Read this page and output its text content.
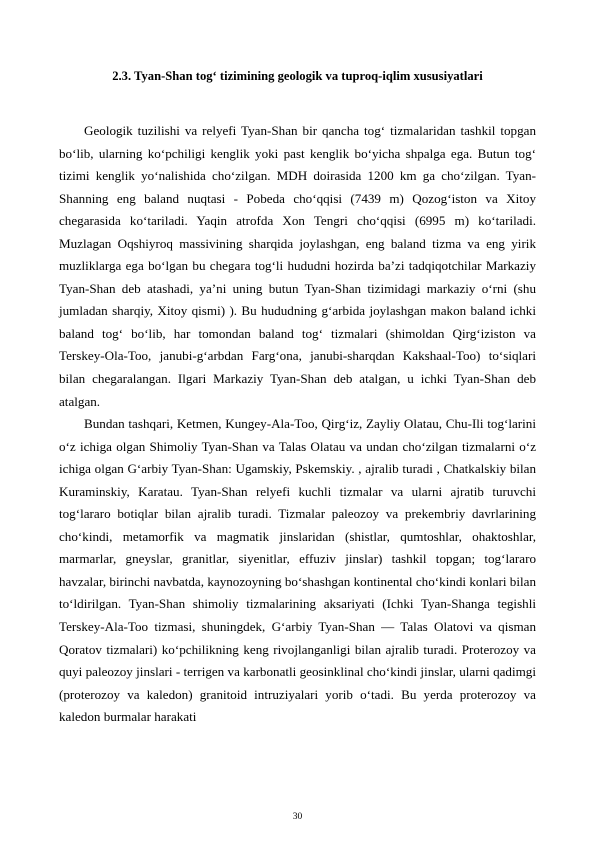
2.3. Tyan-Shan tog‘ tizimining geologik va tuproq-iqlim xususiyatlari

Geologik tuzilishi va relyefi Tyan-Shan bir qancha tog‘ tizmalaridan tashkil topgan bo‘lib, ularning ko‘pchiligi kenglik yoki past kenglik bo‘yicha shpalga ega. Butun tog‘ tizimi kenglik yo‘nalishida cho‘zilgan. MDH doirasida 1200 km ga cho‘zilgan. Tyan-Shanning eng baland nuqtasi - Pobeda cho‘qqisi (7439 m) Qozog‘iston va Xitoy chegarasida ko‘tariladi. Yaqin atrofda Xon Tengri cho‘qqisi (6995 m) ko‘tariladi. Muzlagan Oqshiyroq massivining sharqida joylashgan, eng baland tizma va eng yirik muzliklarga ega bo‘lgan bu chegara tog‘li hududni hozirda ba’zi tadqiqotchilar Markaziy Tyan-Shan deb atashadi, ya’ni uning butun Tyan-Shan tizimidagi markaziy o‘rni (shu jumladan sharqiy, Xitoy qismi) ). Bu hududning g‘arbida joylashgan makon baland ichki baland tog‘ bo‘lib, har tomondan baland tog‘ tizmalari (shimoldan Qirg‘iziston va Terskey-Ola-Too, janubi-g‘arbdan Farg‘ona, janubi-sharqdan Kakshaal-Too) to‘siqlari bilan chegaralangan. Ilgari Markaziy Tyan-Shan deb atalgan, u ichki Tyan-Shan deb atalgan.

Bundan tashqari, Ketmen, Kungey-Ala-Too, Qirg‘iz, Zayliy Olatau, Chu-Ili tog‘larini o‘z ichiga olgan Shimoliy Tyan-Shan va Talas Olatau va undan cho‘zilgan tizmalarni o‘z ichiga olgan G‘arbiy Tyan-Shan: Ugamskiy, Pskemskiy. , ajralib turadi , Chatkalskiy bilan Kuraminskiy, Karatau. Tyan-Shan relyefi kuchli tizmalar va ularni ajratib turuvchi tog‘lararo botiqlar bilan ajralib turadi. Tizmalar paleozoy va prekembriy davrlarining cho‘kindi, metamorfik va magmatik jinslaridan (shistlar, qumtoshlar, ohaktoshlar, marmarlar, gneyslar, granitlar, siyenitlar, effuziv jinslar) tashkil topgan; tog‘lararo havzalar, birinchi navbatda, kaynozoyning bo‘shashgan kontinental cho‘kindi konlari bilan to‘ldirilgan. Tyan-Shan shimoliy tizmalarining aksariyati (Ichki Tyan-Shanga tegishli Terskey-Ala-Too tizmasi, shuningdek, G‘arbiy Tyan-Shan — Talas Olatovi va qisman Qoratov tizmalari) ko‘pchilikning keng rivojlanganligi bilan ajralib turadi. Proterozoy va quyi paleozoy jinslari - terrigen va karbonatli geosinklinal cho‘kindi jinslar, ularni qadimgi (proterozoy va kaledon) granitoid intruziyalari yorib o‘tadi. Bu yerda proterozoy va kaledon burmalar harakati

30
